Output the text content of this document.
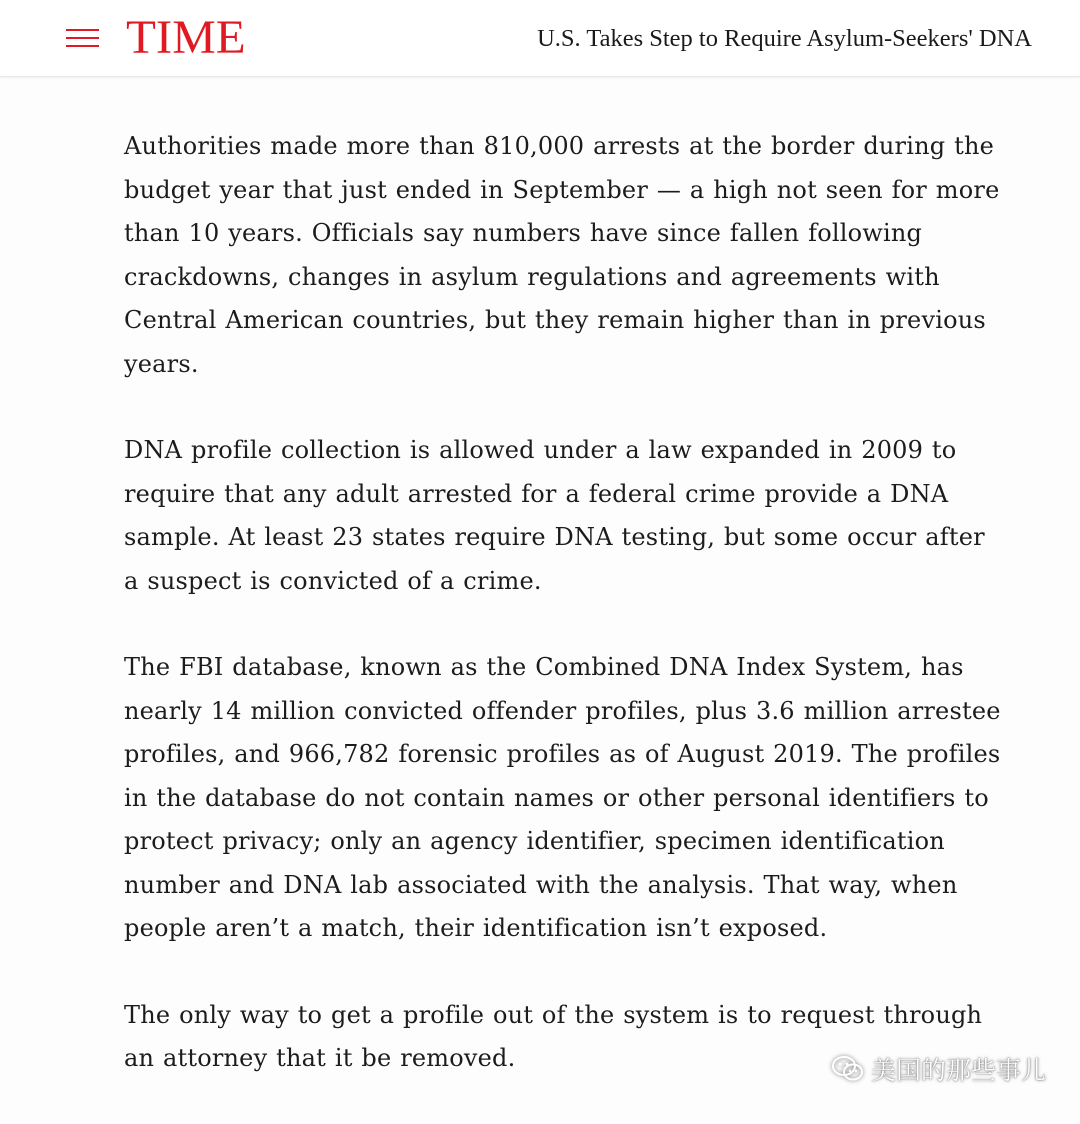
TIME	U.S. Takes Step to Require Asylum-Seekers' DNA

Authorities made more than 810,000 arrests at the border during the budget year that just ended in September — a high not seen for more than 10 years. Officials say numbers have since fallen following crackdowns, changes in asylum regulations and agreements with Central American countries, but they remain higher than in previous years.

DNA profile collection is allowed under a law expanded in 2009 to require that any adult arrested for a federal crime provide a DNA sample. At least 23 states require DNA testing, but some occur after a suspect is convicted of a crime.

The FBI database, known as the Combined DNA Index System, has nearly 14 million convicted offender profiles, plus 3.6 million arrestee profiles, and 966,782 forensic profiles as of August 2019. The profiles in the database do not contain names or other personal identifiers to protect privacy; only an agency identifier, specimen identification number and DNA lab associated with the analysis. That way, when people aren’t a match, their identification isn’t exposed.

The only way to get a profile out of the system is to request through an attorney that it be removed.	美国的那些事儿
